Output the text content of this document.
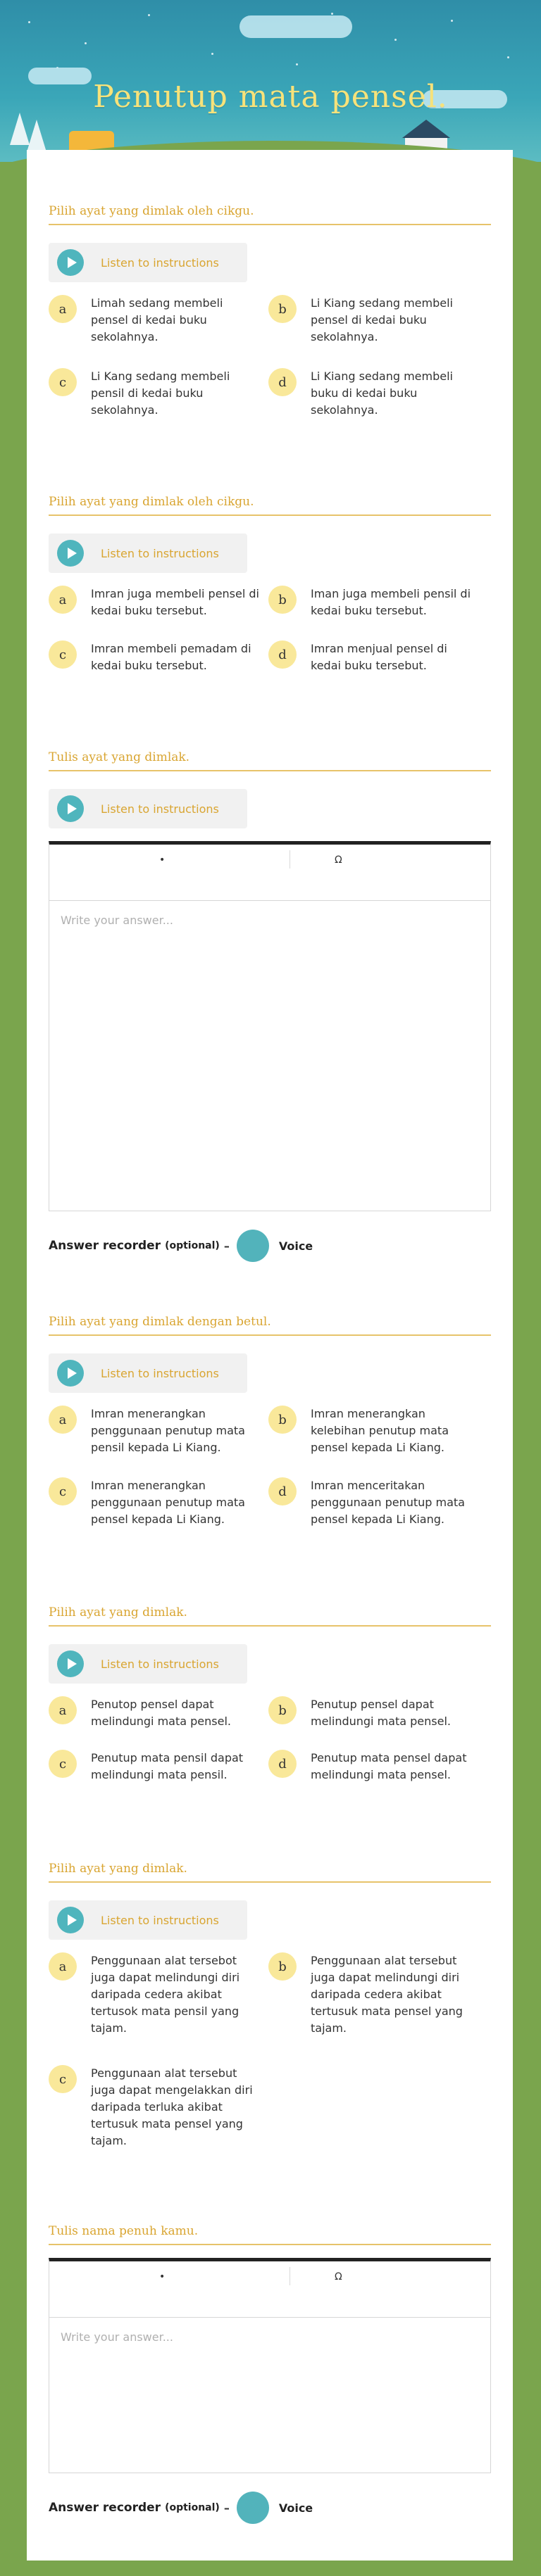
Penutup mata pensel.
Pilih ayat yang dimlak oleh cikgu.
Listen to instructions
a	Limah sedang membeli pensel di kedai buku sekolahnya.
b	Li Kiang sedang membeli pensel di kedai buku sekolahnya.
c	Li Kang sedang membeli pensil di kedai buku sekolahnya.
d	Li Kiang sedang membeli buku di kedai buku sekolahnya.
Pilih ayat yang dimlak oleh cikgu.
Listen to instructions
a	Imran juga membeli pensel di kedai buku tersebut.
b	Iman juga membeli pensil di kedai buku tersebut.
c	Imran membeli pemadam di kedai buku tersebut.
d	Imran menjual pensel di kedai buku tersebut.
Tulis ayat yang dimlak.
Listen to instructions
•	Ω
Write your answer...
Answer recorder (optional) –	Voice
Pilih ayat yang dimlak dengan betul.
Listen to instructions
a	Imran menerangkan penggunaan penutup mata pensil kepada Li Kiang.
b	Imran menerangkan kelebihan penutup mata pensel kepada Li Kiang.
c	Imran menerangkan penggunaan penutup mata pensel kepada Li Kiang.
d	Imran menceritakan penggunaan penutup mata pensel kepada Li Kiang.
Pilih ayat yang dimlak.
Listen to instructions
a	Penutop pensel dapat melindungi mata pensel.
b	Penutup pensel dapat melindungi mata pensel.
c	Penutup mata pensil dapat melindungi mata pensil.
d	Penutup mata pensel dapat melindungi mata pensel.
Pilih ayat yang dimlak.
Listen to instructions
a	Penggunaan alat tersebot juga dapat melindungi diri daripada cedera akibat tertusok mata pensil yang tajam.
b	Penggunaan alat tersebut juga dapat melindungi diri daripada cedera akibat tertusuk mata pensel yang tajam.
c	Penggunaan alat tersebut juga dapat mengelakkan diri daripada terluka akibat tertusuk mata pensel yang tajam.
Tulis nama penuh kamu.
•	Ω
Write your answer...
Answer recorder (optional) –	Voice
